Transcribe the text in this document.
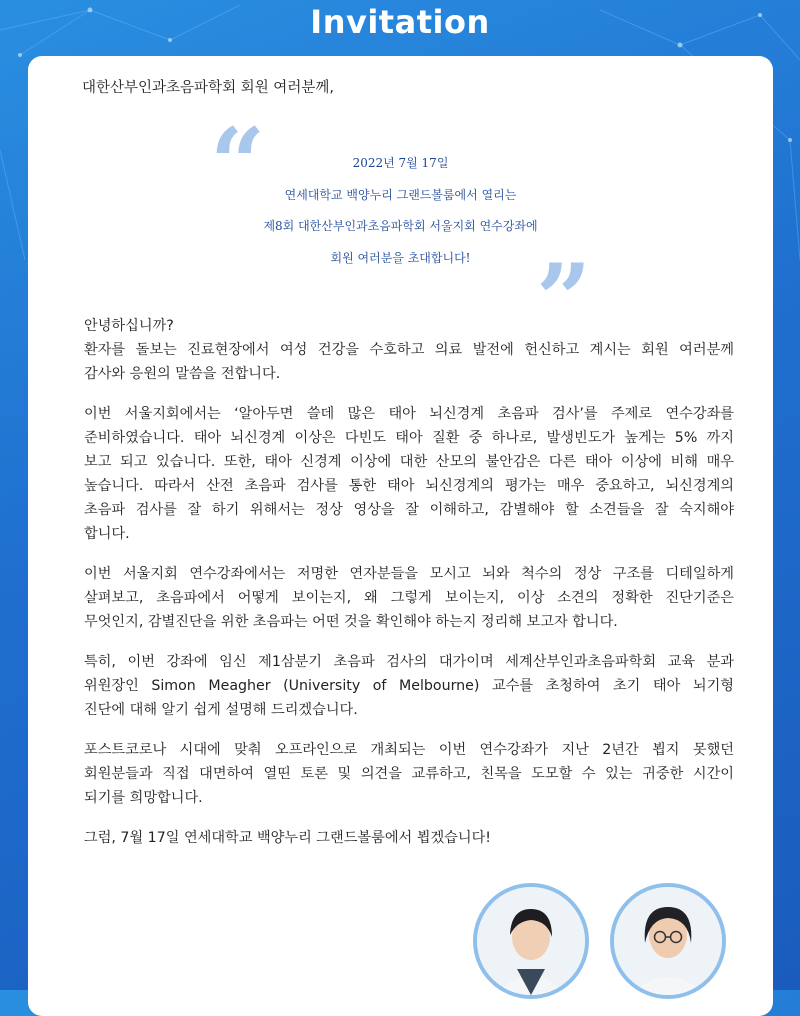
Invitation
대한산부인과초음파학회 회원 여러분께,
“	2022년 7월 17일
연세대학교 백양누리 그랜드볼룸에서 열리는
제8회 대한산부인과초음파학회 서울지회 연수강좌에
회원 여러분을 초대합니다! ”

안녕하십니까?
환자를 돌보는 진료현장에서 여성 건강을 수호하고 의료 발전에 헌신하고 계시는 회원 여러분께
감사와 응원의 말씀을 전합니다.

이번 서울지회에서는 ‘알아두면 쓸데 많은 태아 뇌신경계 초음파 검사’를 주제로 연수강좌를
준비하였습니다. 태아 뇌신경계 이상은 다빈도 태아 질환 중 하나로, 발생빈도가 높게는 5% 까지
보고 되고 있습니다. 또한, 태아 신경계 이상에 대한 산모의 불안감은 다른 태아 이상에 비해 매우
높습니다. 따라서 산전 초음파 검사를 통한 태아 뇌신경계의 평가는 매우 중요하고, 뇌신경계의
초음파 검사를 잘 하기 위해서는 정상 영상을 잘 이해하고, 감별해야 할 소견들을 잘 숙지해야
합니다.

이번 서울지회 연수강좌에서는 저명한 연자분들을 모시고 뇌와 척수의 정상 구조를 디테일하게
살펴보고, 초음파에서 어떻게 보이는지, 왜 그렇게 보이는지, 이상 소견의 정확한 진단기준은
무엇인지, 감별진단을 위한 초음파는 어떤 것을 확인해야 하는지 정리해 보고자 합니다.

특히, 이번 강좌에 임신 제1삼분기 초음파 검사의 대가이며 세계산부인과초음파학회 교육 분과
위원장인 Simon Meagher (University of Melbourne) 교수를 초청하여 초기 태아 뇌기형
진단에 대해 알기 쉽게 설명해 드리겠습니다.

포스트코로나 시대에 맞춰 오프라인으로 개최되는 이번 연수강좌가 지난 2년간 뵙지 못했던
회원분들과 직접 대면하여 열띤 토론 및 의견을 교류하고, 친목을 도모할 수 있는 귀중한 시간이
되기를 희망합니다.

그럼, 7월 17일 연세대학교 백양누리 그랜드볼룸에서 뵙겠습니다!
